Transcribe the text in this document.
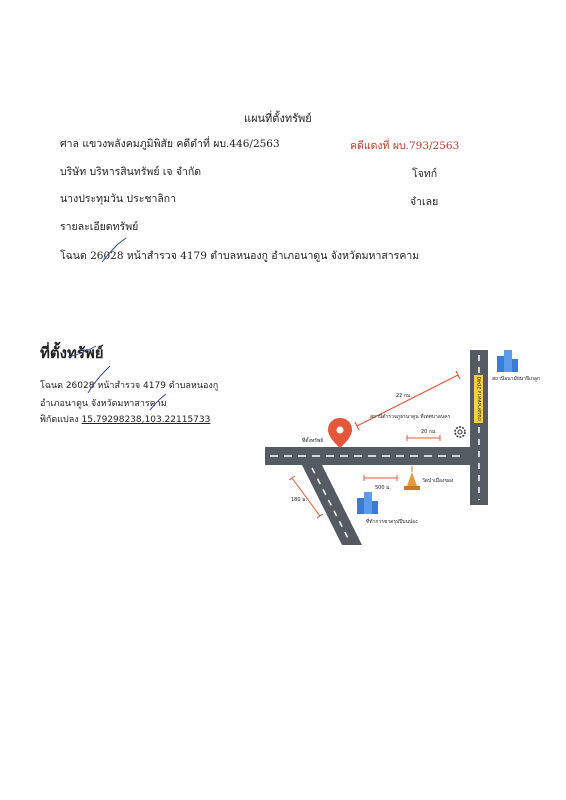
แผนที่ตั้งทรัพย์
ศาล แขวงพลังคมภูมิพิสัย คดีดำที่ ผบ.446/2563	คดีแดงที่ ผบ.793/2563
บริษัท บริหารสินทรัพย์ เจ จำกัด	โจทก์
นางประทุมวัน ประชาลิกา	จำเลย
รายละเอียดทรัพย์
โฉนด 26028 หน้าสำรวจ 4179 ตำบลหนองกู อำเภอนาดูน จังหวัดมหาสารคาม
ที่ตั้งทรัพย์
โฉนด 26028 หน้าสำรวจ 4179 ตำบลหนองกู
อำเภอนาดูน จังหวัดมหาสารคาม
พิกัดแปลง 15.79298238,103.22115733	ถนนทางหลวง 2040
ที่ตั้งทรัพย์
22 กม.
สถานีตำรวจภูธรนาดูน ที่เทศบาลนคร
20 กม.
สถานีอนามัยนาปิเกลูก
500 ม.
วัดป่าเมืองของ
180 ม.
ที่ทำการชาดรุปปีบนปอง
